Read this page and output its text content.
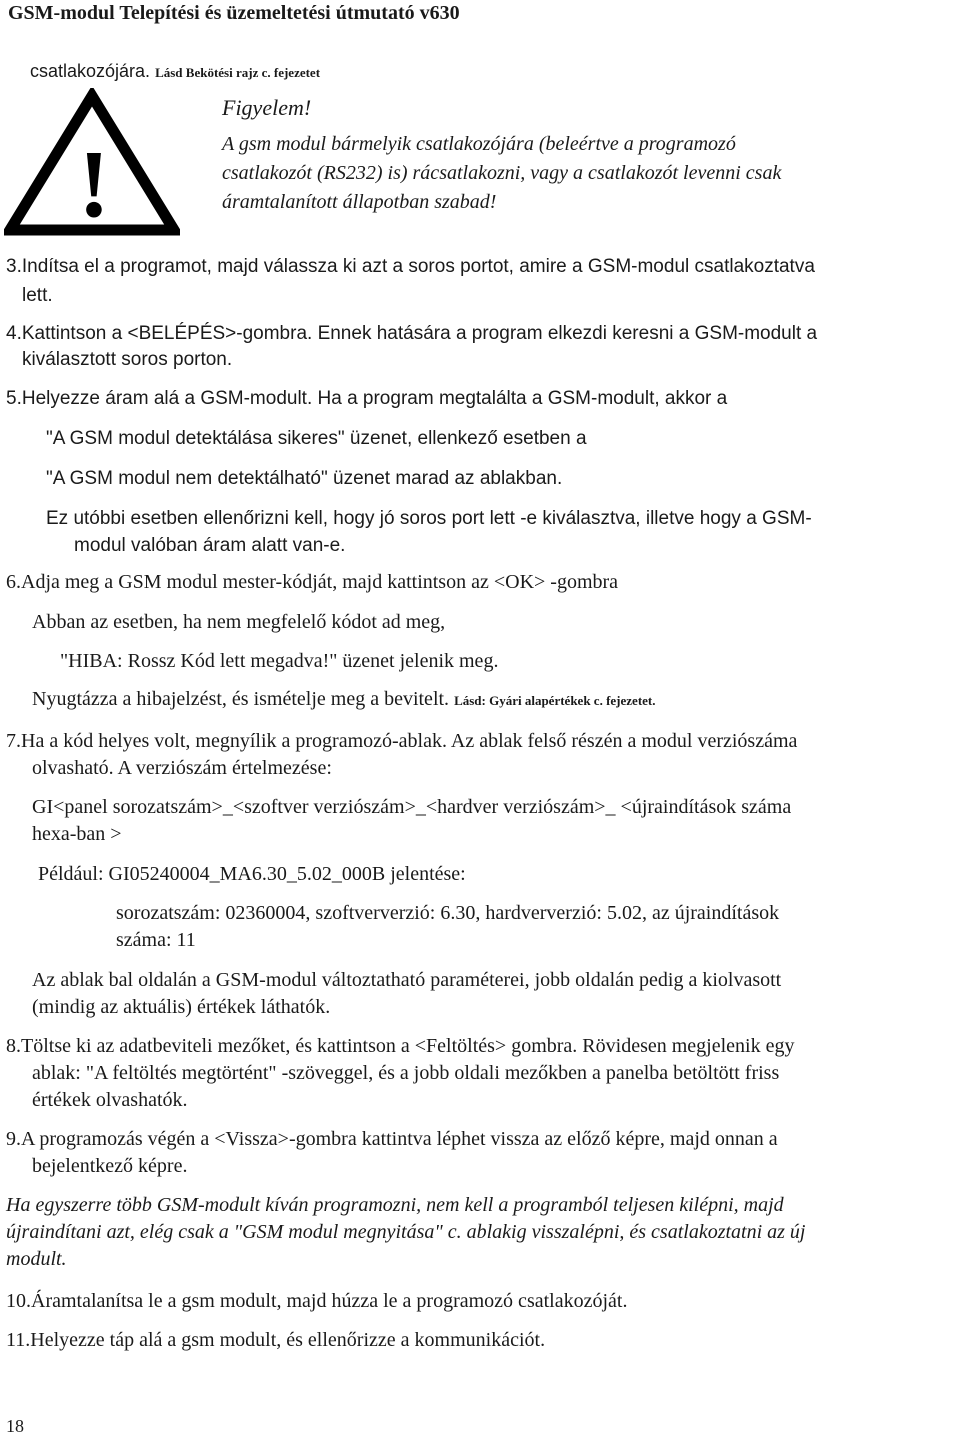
GSM-modul Telepítési és üzemeltetési útmutató v630
csatlakozójára. Lásd Bekötési rajz c. fejezetet
!
Figyelem!
A gsm modul bármelyik csatlakozójára (beleértve a programozó
csatlakozót (RS232) is) rácsatlakozni, vagy a csatlakozót levenni csak
áramtalanított állapotban szabad!
3.Indítsa el a programot, majd válassza ki azt a soros portot, amire a GSM-modul csatlakoztatva
lett.
4.Kattintson a <BELÉPÉS>-gombra. Ennek hatására a program elkezdi keresni a GSM-modult a
kiválasztott soros porton.
5.Helyezze áram alá a GSM-modult. Ha a program megtalálta a GSM-modult, akkor a
"A GSM modul detektálása sikeres" üzenet, ellenkező esetben a
"A GSM modul nem detektálható" üzenet marad az ablakban.
Ez utóbbi esetben ellenőrizni kell, hogy jó soros port lett -e kiválasztva, illetve hogy a GSM-
modul valóban áram alatt van-e.
6.Adja meg a GSM modul mester-kódját, majd kattintson az <OK> -gombra
Abban az esetben, ha nem megfelelő kódot ad meg,
"HIBA: Rossz Kód lett megadva!" üzenet jelenik meg.
Nyugtázza a hibajelzést, és ismételje meg a bevitelt. Lásd: Gyári alapértékek c. fejezetet.
7.Ha a kód helyes volt, megnyílik a programozó-ablak. Az ablak felső részén a modul verziószáma
olvasható. A verziószám értelmezése:
GI<panel sorozatszám>_<szoftver verziószám>_<hardver verziószám>_ <újraindítások száma
hexa-ban >
Például: GI05240004_MA6.30_5.02_000B jelentése:
sorozatszám: 02360004, szoftververzió: 6.30, hardververzió: 5.02, az újraindítások
száma: 11
Az ablak bal oldalán a GSM-modul változtatható paraméterei, jobb oldalán pedig a kiolvasott
(mindig az aktuális) értékek láthatók.
8.Töltse ki az adatbeviteli mezőket, és kattintson a <Feltöltés> gombra. Rövidesen megjelenik egy
ablak: "A feltöltés megtörtént" -szöveggel, és a jobb oldali mezőkben a panelba betöltött friss
értékek olvashatók.
9.A programozás végén a <Vissza>-gombra kattintva léphet vissza az előző képre, majd onnan a
bejelentkező képre.
Ha egyszerre több GSM-modult kíván programozni, nem kell a programból teljesen kilépni, majd
újraindítani azt, elég csak a "GSM modul megnyitása" c. ablakig visszalépni, és csatlakoztatni az új
modult.
10.Áramtalanítsa le a gsm modult, majd húzza le a programozó csatlakozóját.
11.Helyezze táp alá a gsm modult, és ellenőrizze a kommunikációt.
18
